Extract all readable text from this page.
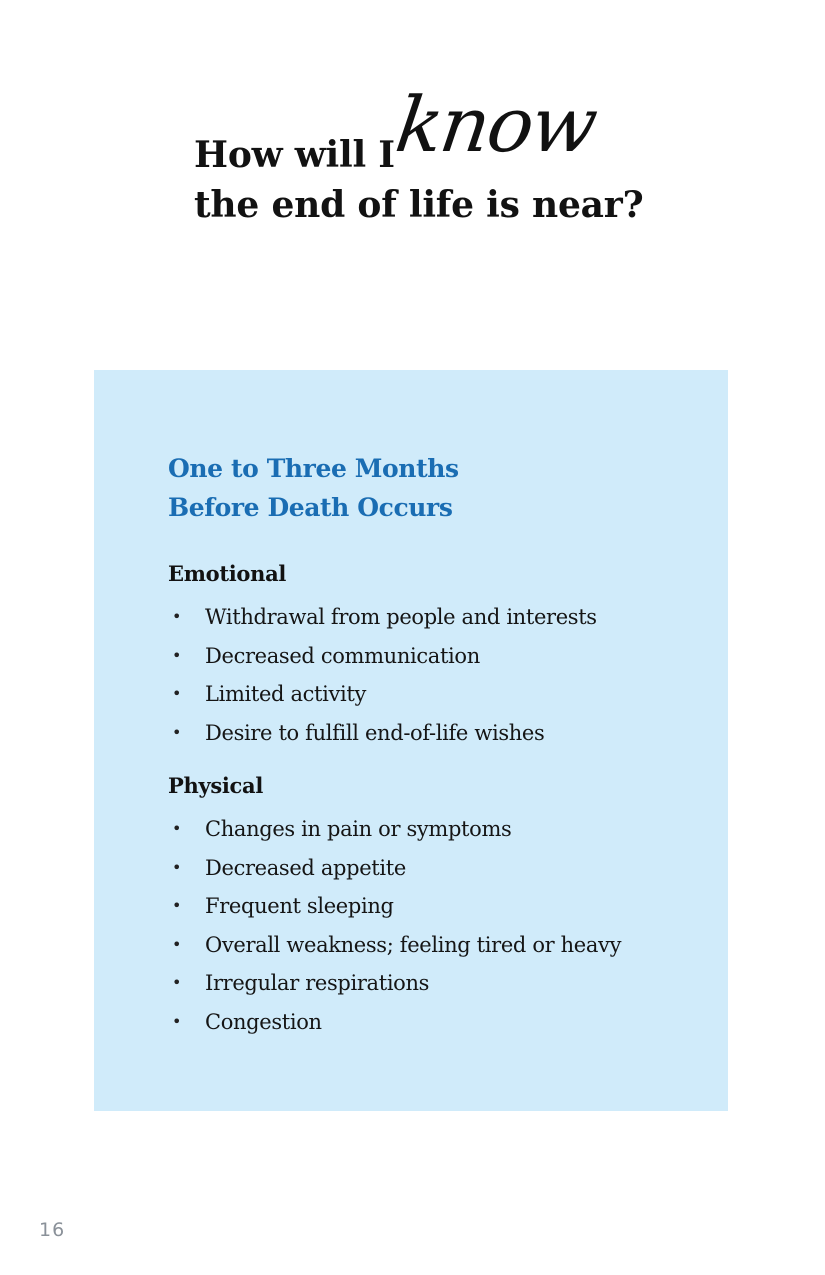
How will I
know
the end of life is near?
One to Three Months
Before Death Occurs
Emotional
• Withdrawal from people and interests
• Decreased communication
• Limited activity
• Desire to fulfill end-of-life wishes
Physical
• Changes in pain or symptoms
• Decreased appetite
• Frequent sleeping
• Overall weakness; feeling tired or heavy
• Irregular respirations
• Congestion
16
